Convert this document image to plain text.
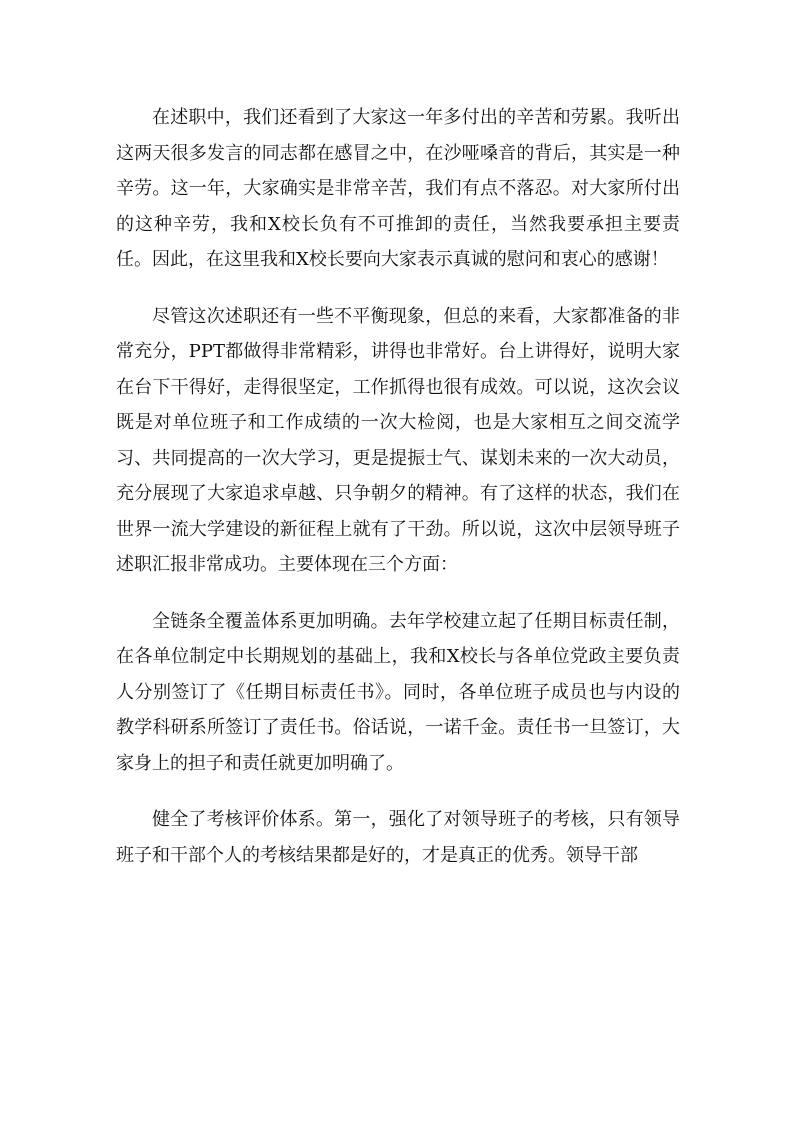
在述职中，我们还看到了大家这一年多付出的辛苦和劳累。我听出这两天很多发言的同志都在感冒之中，在沙哑嗓音的背后，其实是一种辛劳。这一年，大家确实是非常辛苦，我们有点不落忍。对大家所付出的这种辛劳，我和X校长负有不可推卸的责任，当然我要承担主要责任。因此，在这里我和X校长要向大家表示真诚的慰问和衷心的感谢！

尽管这次述职还有一些不平衡现象，但总的来看，大家都准备的非常充分，PPT都做得非常精彩，讲得也非常好。台上讲得好，说明大家在台下干得好，走得很坚定，工作抓得也很有成效。可以说，这次会议既是对单位班子和工作成绩的一次大检阅，也是大家相互之间交流学习、共同提高的一次大学习，更是提振士气、谋划未来的一次大动员，充分展现了大家追求卓越、只争朝夕的精神。有了这样的状态，我们在世界一流大学建设的新征程上就有了干劲。所以说，这次中层领导班子述职汇报非常成功。主要体现在三个方面：

全链条全覆盖体系更加明确。去年学校建立起了任期目标责任制，在各单位制定中长期规划的基础上，我和X校长与各单位党政主要负责人分别签订了《任期目标责任书》。同时，各单位班子成员也与内设的教学科研系所签订了责任书。俗话说，一诺千金。责任书一旦签订，大家身上的担子和责任就更加明确了。

健全了考核评价体系。第一，强化了对领导班子的考核，只有领导班子和干部个人的考核结果都是好的，才是真正的优秀。领导干部
